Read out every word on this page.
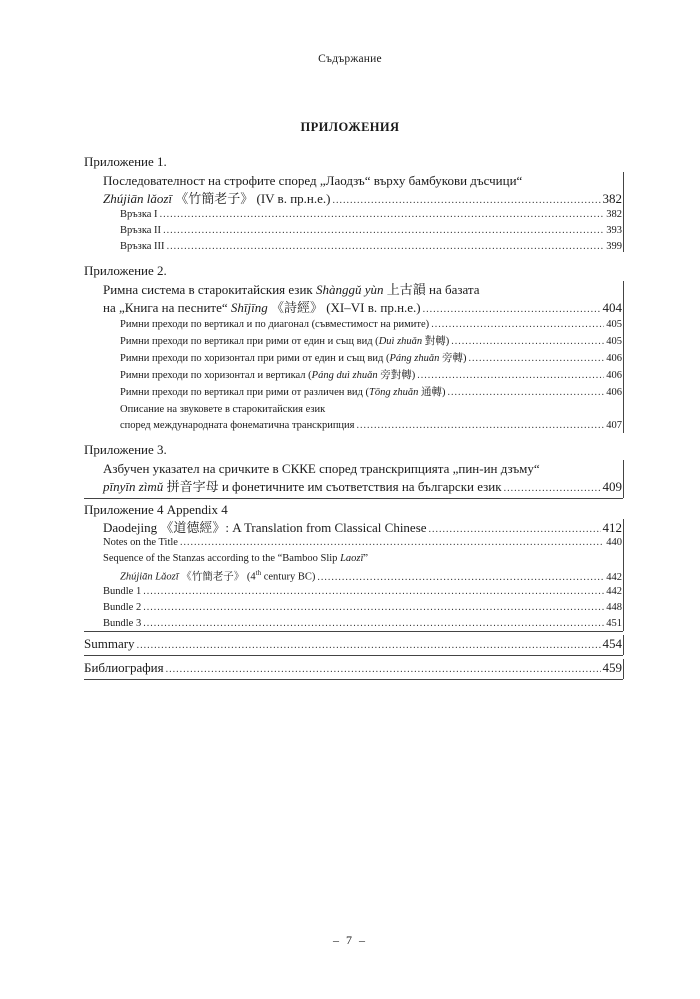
Съдържание
ПРИЛОЖЕНИЯ
Приложение 1.
Последователност на строфите според „Лаодзъ“ върху бамбукови дъсчици“
Zhújiān lǎozī 《竹簡老子》 (IV в. пр.н.е.) .....	382
Връзка I .....	382
Връзка II .....	393
Връзка III .....	399
Приложение 2.
Римна система в старокитайския език Shànggǔ yùn 上古韻 на базата
на „Книга на песните“ Shījīng 《詩經》 (XI–VI в. пр.н.е.) .....	404
Римни преходи по вертикал и по диагонал (съвместимост на римите) .....	405
Римни преходи по вертикал при рими от един и същ вид (Duì zhuǎn 對轉) .....	405
Римни преходи по хоризонтал при рими от един и същ вид (Páng zhuǎn 旁轉) .....	406
Римни преходи по хоризонтал и вертикал (Páng duì zhuǎn 旁對轉) .....	406
Римни преходи по вертикал при рими от различен вид (Tōng zhuǎn 通轉) .....	406
Описание на звуковете в старокитайския език
според международната фонематична транскрипция .....	407
Приложение 3.
Азбучен указател на сричките в СККЕ според транскрипцията „пин-ин дзъму“
pīnyīn zìmǔ 拼音字母 и фонетичните им съответствия на български език .....	409
Приложение 4 Appendix 4
Daodejing 《道德經》: A Translation from Classical Chinese .....	412
Notes on the Title .....	440
Sequence of the Stanzas according to the “Bamboo Slip Laozī”
Zhújiān Lǎozī 《竹簡老子》 (4th century BC) .....	442
Bundle 1 .....	442
Bundle 2 .....	448
Bundle 3 .....	451
Summary .....	454
Библиография .....	459
– 7 –
